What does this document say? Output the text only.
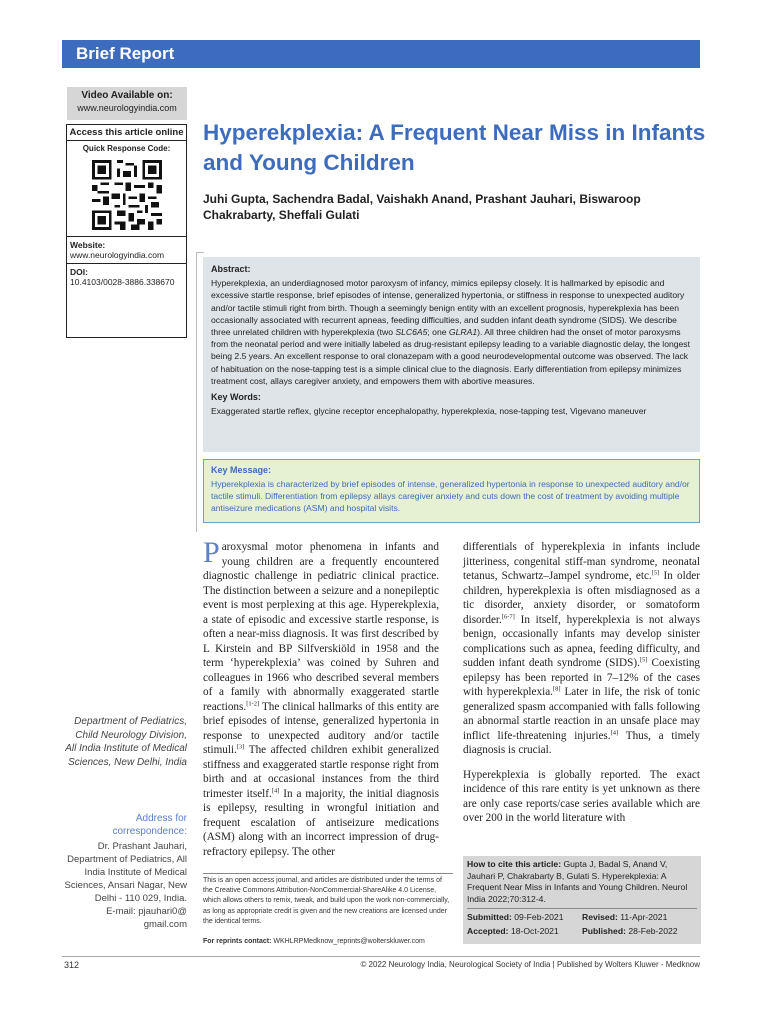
Brief Report
Video Available on:
www.neurologyindia.com
Access this article online
Quick Response Code:
Website:
www.neurologyindia.com
DOI:
10.4103/0028-3886.338670
Hyperekplexia: A Frequent Near Miss in Infants and Young Children
Juhi Gupta, Sachendra Badal, Vaishakh Anand, Prashant Jauhari, Biswaroop Chakrabarty, Sheffali Gulati
Abstract:

Hyperekplexia, an underdiagnosed motor paroxysm of infancy, mimics epilepsy closely. It is hallmarked by episodic and excessive startle response, brief episodes of intense, generalized hypertonia, or stiffness in response to unexpected auditory and/or tactile stimuli right from birth. Though a seemingly benign entity with an excellent prognosis, hyperekplexia has been occasionally associated with recurrent apneas, feeding difficulties, and sudden infant death syndrome (SIDS). We describe three unrelated children with hyperekplexia (two SLC6A5; one GLRA1). All three children had the onset of motor paroxysms from the neonatal period and were initially labeled as drug-resistant epilepsy leading to a variable diagnostic delay, the longest being 2.5 years. An excellent response to oral clonazepam with a good neurodevelopmental outcome was observed. The lack of habituation on the nose-tapping test is a simple clinical clue to the diagnosis. Early differentiation from epilepsy minimizes treatment cost, allays caregiver anxiety, and empowers them with abortive measures.

Key Words:

Exaggerated startle reflex, glycine receptor encephalopathy, hyperekplexia, nose-tapping test, Vigevano maneuver

Key Message:

Hyperekplexia is characterized by brief episodes of intense, generalized hypertonia in response to unexpected auditory and/or tactile stimuli. Differentiation from epilepsy allays caregiver anxiety and cuts down the cost of treatment by avoiding multiple antiseizure medications (ASM) and hospital visits.

Paroxysmal motor phenomena in infants and young children are a frequently encountered diagnostic challenge in pediatric clinical practice. The distinction between a seizure and a nonepileptic event is most perplexing at this age. Hyperekplexia, a state of episodic and excessive startle response, is often a near-miss diagnosis. It was first described by L Kirstein and BP Silfverskiöld in 1958 and the term ‘hyperekplexia’ was coined by Suhren and colleagues in 1966 who described several members of a family with abnormally exaggerated startle reactions.[1-2] The clinical hallmarks of this entity are brief episodes of intense, generalized hypertonia in response to unexpected auditory and/or tactile stimuli.[3] The affected children exhibit generalized stiffness and exaggerated startle response right from birth and at occasional instances from the third trimester itself.[4] In a majority, the initial diagnosis is epilepsy, resulting in wrongful initiation and frequent escalation of antiseizure medications (ASM) along with an incorrect impression of drug-refractory epilepsy. The other

differentials of hyperekplexia in infants include jitteriness, congenital stiff-man syndrome, neonatal tetanus, Schwartz–Jampel syndrome, etc.[5] In older children, hyperekplexia is often misdiagnosed as a tic disorder, anxiety disorder, or somatoform disorder.[6-7] In itself, hyperekplexia is not always benign, occasionally infants may develop sinister complications such as apnea, feeding difficulty, and sudden infant death syndrome (SIDS).[5] Coexisting epilepsy has been reported in 7–12% of the cases with hyperekplexia.[8] Later in life, the risk of tonic generalized spasm accompanied with falls following an abnormal startle reaction in an unsafe place may inflict life-threatening injuries.[4] Thus, a timely diagnosis is crucial.

Hyperekplexia is globally reported. The exact incidence of this rare entity is yet unknown as there are only case reports/case series available which are over 200 in the world literature with

Department of Pediatrics, Child Neurology Division, All India Institute of Medical Sciences, New Delhi, India
Address for correspondence:
Dr. Prashant Jauhari, Department of Pediatrics, All India Institute of Medical Sciences, Ansari Nagar, New Delhi - 110 029, India.
E-mail: pjauhari0@ gmail.com
This is an open access journal, and articles are distributed under the terms of the Creative Commons Attribution-NonCommercial-ShareAlike 4.0 License, which allows others to remix, tweak, and build upon the work non-commercially, as long as appropriate credit is given and the new creations are licensed under the identical terms.
For reprints contact: WKHLRPMedknow_reprints@wolterskluwer.com
How to cite this article: Gupta J, Badal S, Anand V, Jauhari P, Chakrabarty B, Gulati S. Hyperekplexia: A Frequent Near Miss in Infants and Young Children. Neurol India 2022;70:312-4.
Submitted: 09-Feb-2021	Revised: 11-Apr-2021
Accepted: 18-Oct-2021	Published: 28-Feb-2022
312	© 2022 Neurology India, Neurological Society of India | Published by Wolters Kluwer - Medknow
